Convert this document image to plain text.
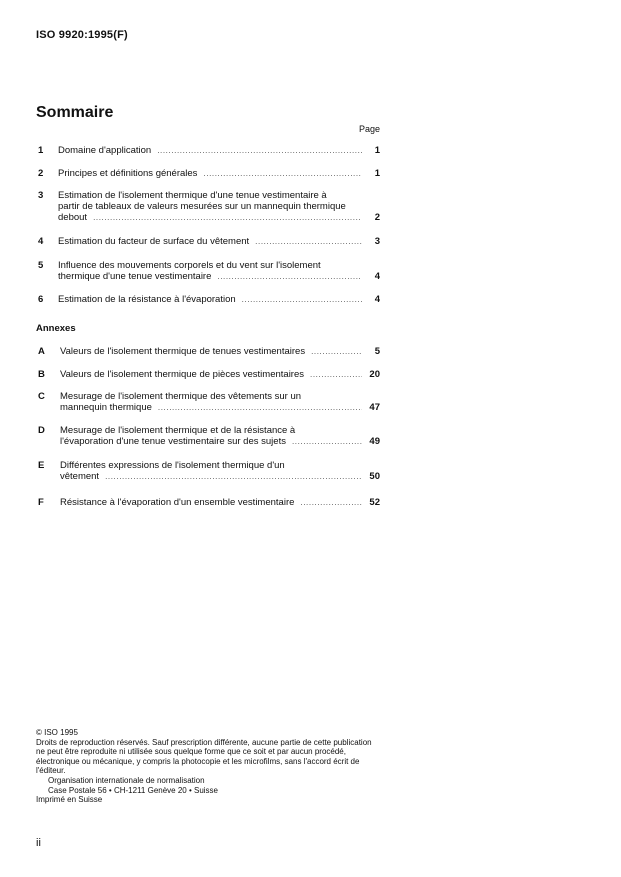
ISO 9920:1995(F)
Sommaire
Page
1 Domaine d'application .....	1
2 Principes et définitions générales .....	1
3 Estimation de l'isolement thermique d'une tenue vestimentaire à
partir de tableaux de valeurs mesurées sur un mannequin thermique
debout .....	2
4 Estimation du facteur de surface du vêtement .....	3
5 Influence des mouvements corporels et du vent sur l'isolement
thermique d'une tenue vestimentaire .....	4
6 Estimation de la résistance à l'évaporation .....	4
Annexes
A Valeurs de l'isolement thermique de tenues vestimentaires .....	5
B Valeurs de l'isolement thermique de pièces vestimentaires .....	20
C Mesurage de l'isolement thermique des vêtements sur un
mannequin thermique .....	47
D Mesurage de l'isolement thermique et de la résistance à
l'évaporation d'une tenue vestimentaire sur des sujets .....	49
E Différentes expressions de l'isolement thermique d'un
vêtement .....	50
F Résistance à l'évaporation d'un ensemble vestimentaire .....	52
© ISO 1995
Droits de reproduction réservés. Sauf prescription différente, aucune partie de cette publication ne peut être reproduite ni utilisée sous quelque forme que ce soit et par aucun procédé, électronique ou mécanique, y compris la photocopie et les microfilms, sans l'accord écrit de l'éditeur.
Organisation internationale de normalisation
Case Postale 56 • CH-1211 Genève 20 • Suisse
Imprimé en Suisse
ii
